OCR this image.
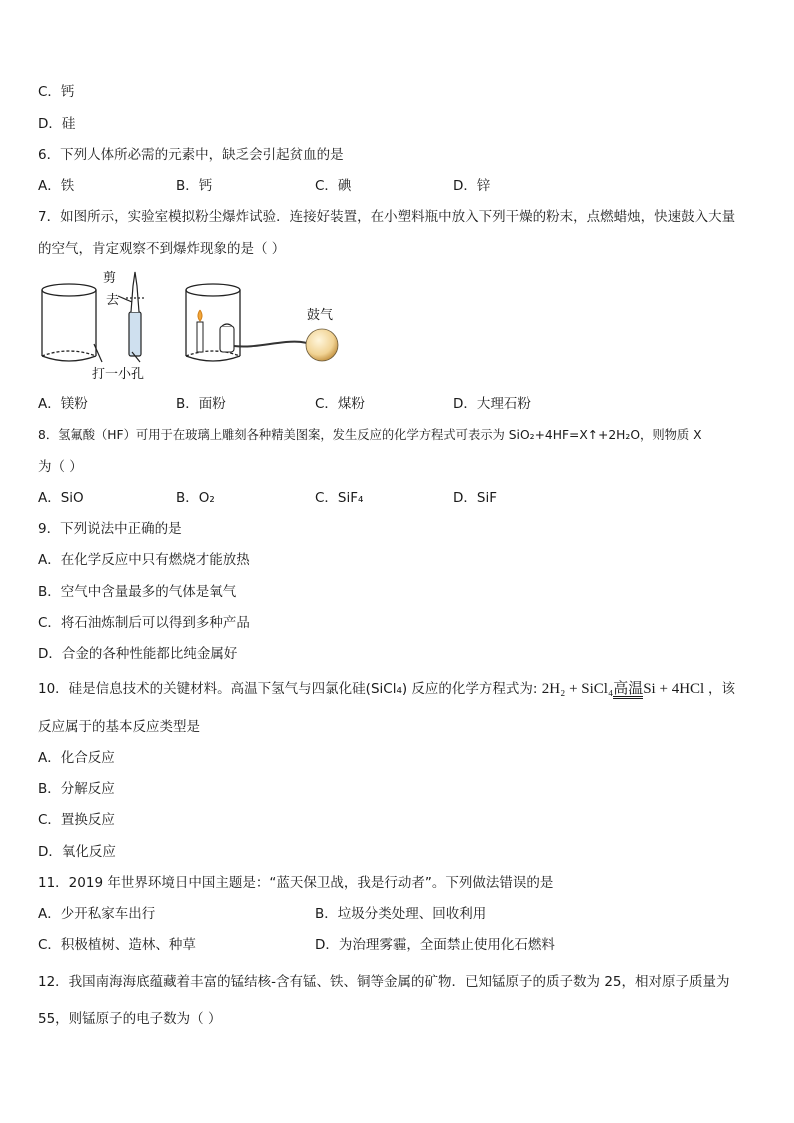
C．钙
D．硅
6．下列人体所必需的元素中，缺乏会引起贫血的是
A．铁	B．钙	C．碘	D．锌
7．如图所示，实验室模拟粉尘爆炸试验．连接好装置，在小塑料瓶中放入下列干燥的粉末，点燃蜡烛，快速鼓入大量
的空气，肯定观察不到爆炸现象的是（ ）
剪
去
打一小孔
鼓气
A．镁粉	B．面粉	C．煤粉	D．大理石粉
8．氢氟酸（HF）可用于在玻璃上雕刻各种精美图案，发生反应的化学方程式可表示为 SiO₂+4HF=X↑+2H₂O，则物质 X
为（ ）
A．SiO	B．O₂	C．SiF₄	D．SiF
9．下列说法中正确的是
A．在化学反应中只有燃烧才能放热
B．空气中含量最多的气体是氧气
C．将石油炼制后可以得到多种产品
D．合金的各种性能都比纯金属好
10．硅是信息技术的关键材料。高温下氢气与四氯化硅(SiCl₄) 反应的化学方程式为: 2H₂ + SiCl₄高温Si + 4HCl ，该
反应属于的基本反应类型是
A．化合反应
B．分解反应
C．置换反应
D．氧化反应
11．2019 年世界环境日中国主题是：“蓝天保卫战，我是行动者”。下列做法错误的是
A．少开私家车出行	B．垃圾分类处理、回收利用
C．积极植树、造林、种草	D．为治理雾霾，全面禁止使用化石燃料
12．我国南海海底蕴藏着丰富的锰结核-含有锰、铁、铜等金属的矿物．已知锰原子的质子数为 25，相对原子质量为
55，则锰原子的电子数为（ ）
